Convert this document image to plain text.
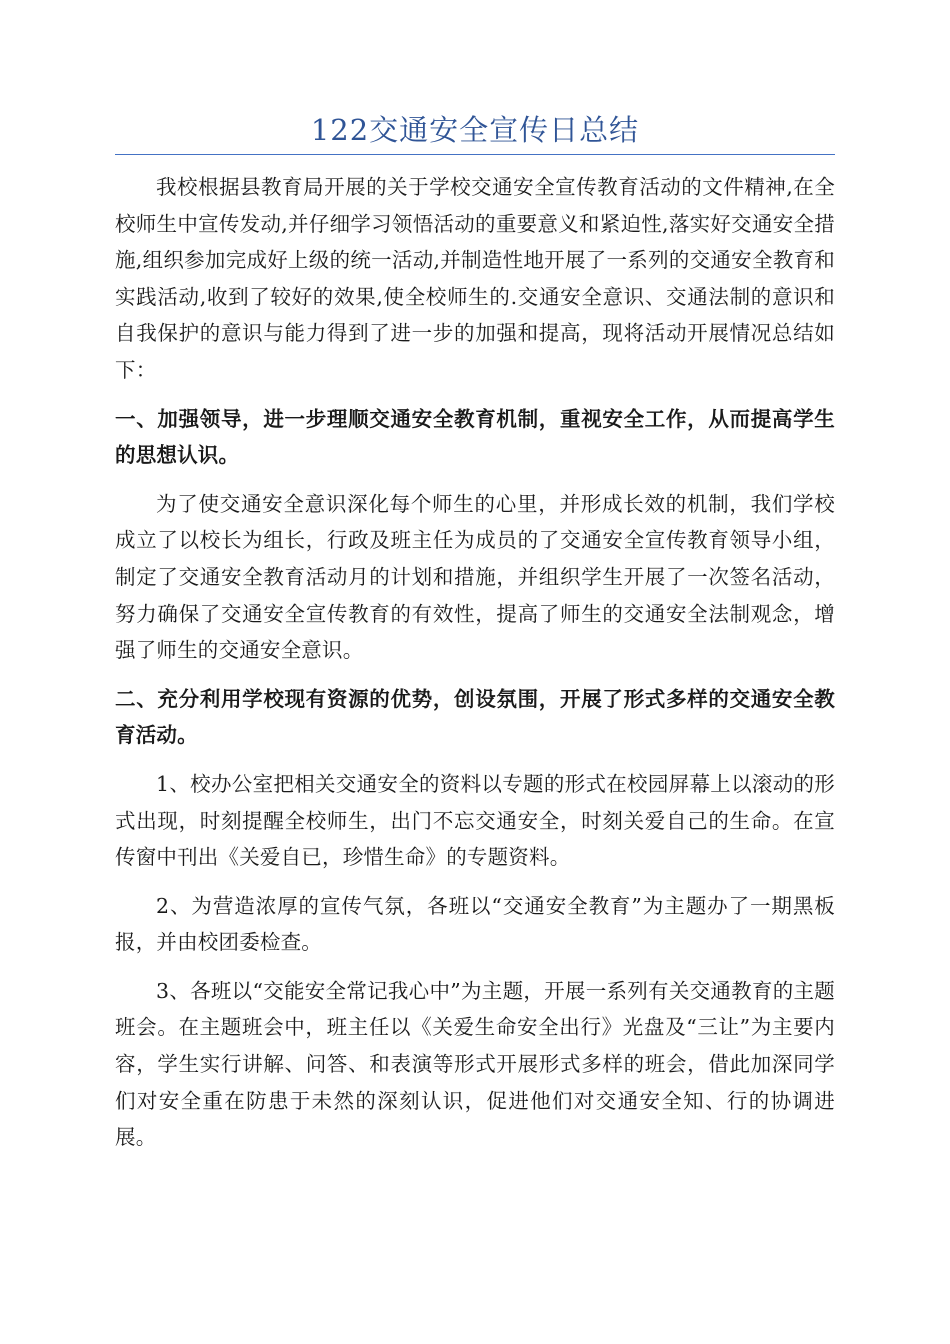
122交通安全宣传日总结

我校根据县教育局开展的关于学校交通安全宣传教育活动的文件精神,在全校师生中宣传发动,并仔细学习领悟活动的重要意义和紧迫性,落实好交通安全措施,组织参加完成好上级的统一活动,并制造性地开展了一系列的交通安全教育和实践活动,收到了较好的效果,使全校师生的.交通安全意识、交通法制的意识和自我保护的意识与能力得到了进一步的加强和提高，现将活动开展情况总结如下：

一、加强领导，进一步理顺交通安全教育机制，重视安全工作，从而提高学生的思想认识。

为了使交通安全意识深化每个师生的心里，并形成长效的机制，我们学校成立了以校长为组长，行政及班主任为成员的了交通安全宣传教育领导小组，制定了交通安全教育活动月的计划和措施，并组织学生开展了一次签名活动，努力确保了交通安全宣传教育的有效性，提高了师生的交通安全法制观念，增强了师生的交通安全意识。

二、充分利用学校现有资源的优势，创设氛围，开展了形式多样的交通安全教育活动。

1、校办公室把相关交通安全的资料以专题的形式在校园屏幕上以滚动的形式出现，时刻提醒全校师生，出门不忘交通安全，时刻关爱自己的生命。在宣传窗中刊出《关爱自已，珍惜生命》的专题资料。

2、为营造浓厚的宣传气氛，各班以“交通安全教育”为主题办了一期黑板报，并由校团委检查。

3、各班以“交能安全常记我心中”为主题，开展一系列有关交通教育的主题班会。在主题班会中，班主任以《关爱生命安全出行》光盘及“三让”为主要内容，学生实行讲解、问答、和表演等形式开展形式多样的班会，借此加深同学们对安全重在防患于未然的深刻认识，促进他们对交通安全知、行的协调进展。
